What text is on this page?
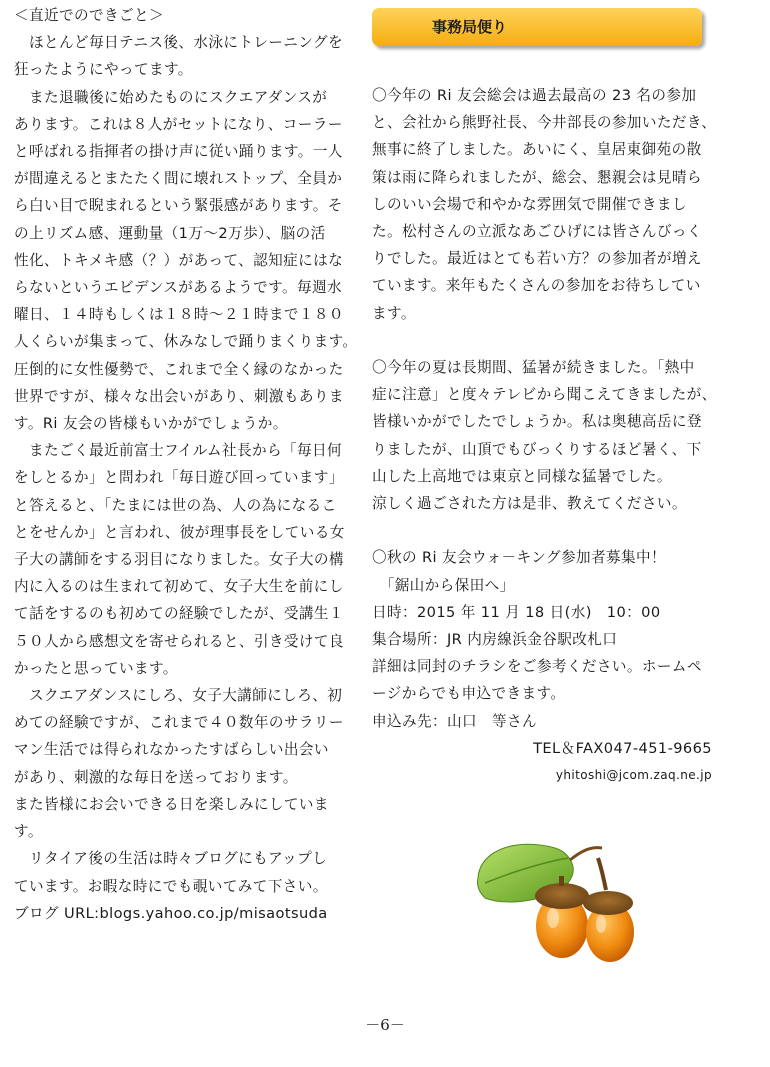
＜直近でのできごと＞

　ほとんど毎日テニス後、水泳にトレーニングを

狂ったようにやってます。

　また退職後に始めたものにスクエアダンスが

あります。これは８人がセットになり、コーラー

と呼ばれる指揮者の掛け声に従い踊ります。一人

が間違えるとまたたく間に壊れストップ、全員か

ら白い目で睨まれるという緊張感があります。そ

の上リズム感、運動量（1万～2万歩）、脳の活

性化、トキメキ感（？）があって、認知症にはな

らないというエビデンスがあるようです。毎週水

曜日、１４時もしくは１８時～２１時まで１８０

人くらいが集まって、休みなしで踊りまくります。

圧倒的に女性優勢で、これまで全く縁のなかった

世界ですが、様々な出会いがあり、刺激もありま

す。Ri 友会の皆様もいかがでしょうか。

　またごく最近前富士フイルム社長から「毎日何

をしとるか」と問われ「毎日遊び回っています」

と答えると、「たまには世の為、人の為になるこ

とをせんか」と言われ、彼が理事長をしている女

子大の講師をする羽目になりました。女子大の構

内に入るのは生まれて初めて、女子大生を前にし

て話をするのも初めての経験でしたが、受講生１

５０人から感想文を寄せられると、引き受けて良

かったと思っています。

　スクエアダンスにしろ、女子大講師にしろ、初

めての経験ですが、これまで４０数年のサラリー

マン生活では得られなかったすばらしい出会い

があり、刺激的な毎日を送っております。

また皆様にお会いできる日を楽しみにしていま

す。

　リタイア後の生活は時々ブログにもアップし

ています。お暇な時にでも覗いてみて下さい。

ブログ URL:blogs.yahoo.co.jp/misaotsuda

事務局便り

〇今年の Ri 友会総会は過去最高の 23 名の参加

と、会社から熊野社長、今井部長の参加いただき、

無事に終了しました。あいにく、皇居東御苑の散

策は雨に降られましたが、総会、懇親会は見晴ら

しのいい会場で和やかな雰囲気で開催できまし

た。松村さんの立派なあごひげには皆さんびっく

りでした。最近はとても若い方？の参加者が増え

ています。来年もたくさんの参加をお待ちしてい

ます。

〇今年の夏は長期間、猛暑が続きました。「熱中

症に注意」と度々テレビから聞こえてきましたが、

皆様いかがでしたでしょうか。私は奥穂高岳に登

りましたが、山頂でもびっくりするほど暑く、下

山した上高地では東京と同様な猛暑でした。

涼しく過ごされた方は是非、教えてください。

〇秋の Ri 友会ウォ－キング参加者募集中！

　「鋸山から保田へ」

日時：2015 年 11 月 18 日(水)　10：00

集合場所：JR 内房線浜金谷駅改札口

詳細は同封のチラシをご参考ください。ホームペ

ージからでも申込できます。

申込み先：山口　等さん

TEL＆FAX047-451-9665

yhitoshi@jcom.zaq.ne.jp

－6－
